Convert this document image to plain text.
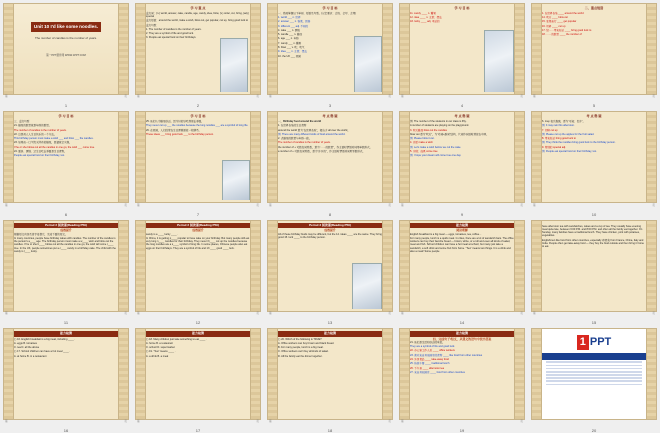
Unit 10 I'd like some noodles.
The number of candles is the number of years.
第一PPT课件网 WWW.1PPT.COM
第	页
1
学 习 重 点

重点词：(n.) world, answer, cake, candle, age, candy, idea, blow, (v.) order, cut, bring, (adj.) special

重点短语：around the world, make a wish, blow out, get popular, cut up, bring good luck to

重点句型：

1. The number of candles is the number of years.

2. They are a symbol of life and good luck.

3. People eat special food on their birthdays.

第	页
2
学 习 目 标

一、熟练掌握以下单词、短语及句型。(记忆要求：会读、会写、会用)

1. world ___ n. 世界

2. answer ___ n. 答案，回答

3. different ___ adj. 不同的

4. cake ___ n. 蛋糕

5. candle ___ n. 蜡烛

6. age ___ n. 年龄

7. candy ___ n. 糖果

8. blow ___ v. 吹；吹气

9. idea ___ n. 主意；想法

10. the UK ___ 英国

第	页
3
学 习 目 标

11. candy ____ n. 糖果

12. idea ____ n. 主意；想法

43. lucky ____ adj. 幸运的

第	页
4
二、重点短语

1. 在世界各地 ____ around the world

14. 吹灭 ____ blow out

15. 变得流行 ____ get popular

16. 切碎 ____ cut up

17. 给……带来好运 ____ bring good luck to

18. ……的数量 ____ the number of

第	页
5
学 习 目 标

三、重点句型

21. 蜡烛的数量就是年龄的数量。

The number of candles is the number of years.

22. 这是祝人人生日快乐的一个方法。

This birthday person must make a wish ___ and blow ___ the candles.

23. 如果他一口气吹灭所有的蜡烛，愿望就会实现。

If he or she blows out all the candles in one go, the wish ___ come true.

24. 面条、蛋糕、过生日吃长寿面是生日食物。

People eat special food on their birthday, too.

第	页
6
学 习 目 标

25. 他们认为蜡烛好运。因为份的好吃得很长寿面。

They never cut up ___ the noodles because the long noodles ___ are a symbol of long life.

26. 在英国，人们经常在生日蛋糕里放一枚硬币。

These ideas ___ bring good luck ___ to the birthday person.

第	页
7
考 点 释 疑

一、Birthday food around the world

1. 在世界各地的生日食物

around the world 意为“在世界各地”，相当于 all over the world。

例: There are many different kinds of food around the world.

2. 点蜡烛的数量与年龄一致。

The number of candles is the number of years.

the number of + 可数名词复数，意为“……的数量”，作主语时谓语动词用单数形式。

a number of + 可数名词复数，意为“许多的”，作主语时谓语动词用复数形式。

第	页
8
考 点 释 疑

例: The number of the students in our class is fifty.

A number of students are playing on the playground.

3. 吹灭蜡烛 blow out the candles

blow out 意为“吹灭”，为“动词+副词”结构，代词作宾语时须放在中间。

例: Please blow it out.

4. 许愿 make a wish

例: Let's make a wish before we cut the cake.

5. 实现；成真 come true

例: I hope your dream will come true one day.

第	页
9
考 点 释 疑

6. may 表示推测，意为“可能；也许”。

例: It may rain this afternoon.

7. 切碎 cut up

例: Please cut up the apples for the fruit salad.

8. 带来好运 bring good luck to

例: They think the noodles bring good luck to the birthday person.

9. 特别的 special adj.

例: People eat special food on their birthday, too.

第	页
10
Period 2 阅读课(Reading P59)
成效提升

根据短文内容及首字母提示，完成下面的短文。

In many countries, people have birthday cakes with candles. The number of the candles is the person's a____ age. The birthday person must make a w____ wish and blow out the candles. If he or she b____ blows out all the candles in one go, the wish will come t____ true. In the UK, people sometimes put a c____ candy in a birthday cake. The child with the candy is l____ lucky.

第	页
11
Period 2 阅读课(Reading P59)
成效提升

sandy is a ____ lucky ____ .

In China, it is getting p____ popular to have cake on your birthday. But many people still eat very long n____ noodles for their birthday. They never th____ cut up the noodles because the long noodles are a s____ symbol of long life. In some places, Chinese people also eat eggs on their birthdays. They are a symbol of life and 13 ____ good ____ luck.

第	页
12
Period 3 阅读课(Reading P59)
成效提升

All of these birthday foods may be different, but the 14. ideas ____ are the same. They bring good 15. luck ____ to the birthday person.

第	页
13
能力检测
阅读理解

English breakfast is a big meal — eggs, tomatoes, tea, coffee...

For many people, lunch is a quick meal. In cities, there are a lot of sandwich bars. The office workers can buy their favorite bread — brown, white, or a roll and even all kinds of salad, meat and fish. School children can have a hot meal at school, but many just take a sandwich, a soft drink and some fruit from home. "Tea" means two things. It is a drink and also a meal! Some people

第	页
14

have afternoon tea with sandwiches, cakes and a cup of tea. They usually have evening meal quite late, between 6:00 P.M. and 8:00 P.M. and often all the family eat together. On Sunday, many families have a traditional lunch. They have chicken, pork with potatoes, vegetables.

Englishmen like food from other countries, especially 印度菜 from France, China, Italy and India. People often get take-away food — they buy the food outside and then bring it home to eat.

第	页
15
能力检测

( ) 16. English breakfast is a big meal, including ____ .

A. eggs B. tomatoes

C. tea D. all the above

( ) 17. School children can have a hot meal ____ .

A. at home B. in a restaurant

第	页
16
能力检测

( ) 18. Many children just take something to eat ____ .

A. home B. a restaurant

C. school D. supermarket

( ) 19. "Tea" means ____ .

A. a drink B. a meal

第	页
17
能力检测

( ) 20. Which of the following is TRUE?

A. Office workers can buy brown and black bread.

B. For many people, lunch is a big meal.

C. Office workers can't buy all kinds of salad.

D. All the family eat the dinner together.

第	页
18
能力检测
四、完成句子/短文，从课文的语句中找出答案

21. 他们是生活和好运的象征。

They are a symbol of life and good luck.

22. 办公室工作人员 ____ office workers

23. 喜欢来自其他国家的食物 ____ like food from other countries

24. 外卖食品 ____ take-away food

25. 传统午餐 ____ traditional lunch

26. 下午茶 ____ afternoon tea

27. 来自其他国家 ____ food from other countries

第	页
19
1 PPT
20
